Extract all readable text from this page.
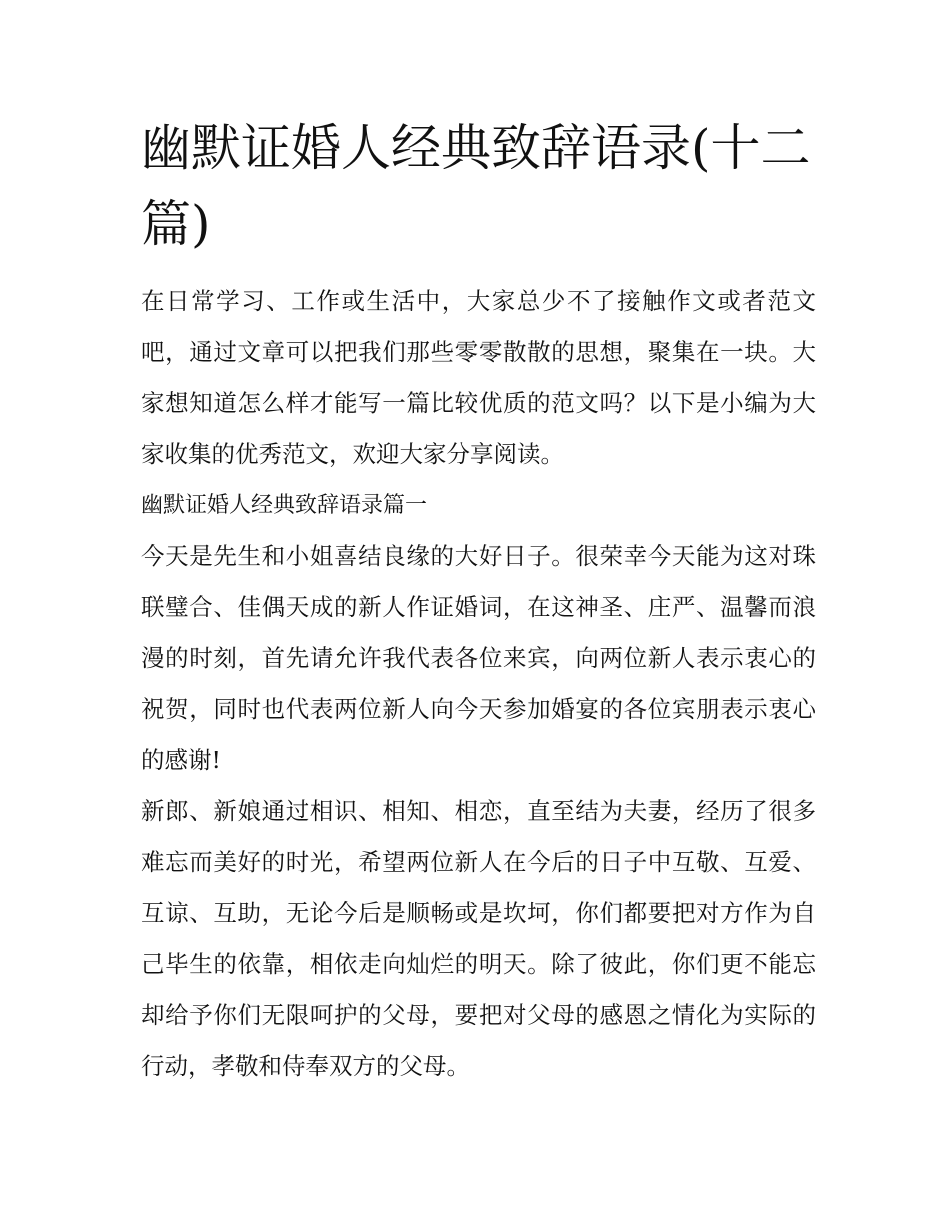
幽默证婚人经典致辞语录(十二篇)

在日常学习、工作或生活中，大家总少不了接触作文或者范文吧，通过文章可以把我们那些零零散散的思想，聚集在一块。大家想知道怎么样才能写一篇比较优质的范文吗？以下是小编为大家收集的优秀范文，欢迎大家分享阅读。

幽默证婚人经典致辞语录篇一

今天是先生和小姐喜结良缘的大好日子。很荣幸今天能为这对珠联璧合、佳偶天成的新人作证婚词，在这神圣、庄严、温馨而浪漫的时刻，首先请允许我代表各位来宾，向两位新人表示衷心的祝贺，同时也代表两位新人向今天参加婚宴的各位宾朋表示衷心的感谢!

新郎、新娘通过相识、相知、相恋，直至结为夫妻，经历了很多难忘而美好的时光，希望两位新人在今后的日子中互敬、互爱、互谅、互助，无论今后是顺畅或是坎坷，你们都要把对方作为自己毕生的依靠，相依走向灿烂的明天。除了彼此，你们更不能忘却给予你们无限呵护的父母，要把对父母的感恩之情化为实际的行动，孝敬和侍奉双方的父母。
